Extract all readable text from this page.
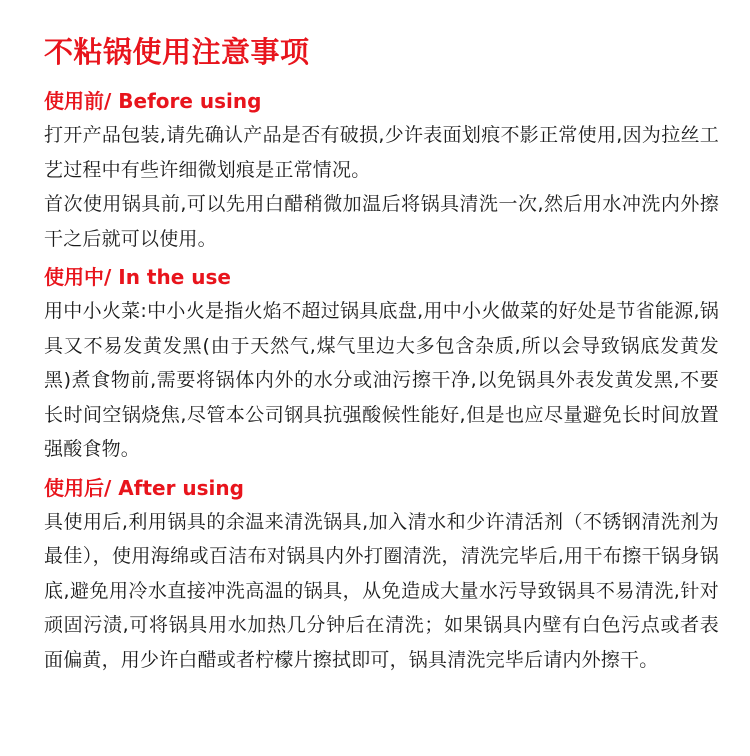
不粘锅使用注意事项
使用前/ Before using

打开产品包装,请先确认产品是否有破损,少许表面划痕不影正常使用,因为拉丝工艺过程中有些许细微划痕是正常情况。

首次使用锅具前,可以先用白醋稍微加温后将锅具清洗一次,然后用水冲洗内外擦干之后就可以使用。

使用中/ In the use

用中小火菜:中小火是指火焰不超过锅具底盘,用中小火做菜的好处是节省能源,锅具又不易发黄发黑(由于天然气,煤气里边大多包含杂质,所以会导致锅底发黄发黑)煮食物前,需要将锅体内外的水分或油污擦干净,以免锅具外表发黄发黑,不要长时间空锅烧焦,尽管本公司钢具抗强酸候性能好,但是也应尽量避免长时间放置强酸食物。

使用后/ After using

具使用后,利用锅具的余温来清洗锅具,加入清水和少许清活剂（不锈钢清洗剂为最佳），使用海绵或百洁布对锅具内外打圈清洗，清洗完毕后,用干布擦干锅身锅底,避免用冷水直接冲洗高温的锅具，从免造成大量水污导致锅具不易清洗,针对顽固污渍,可将锅具用水加热几分钟后在清洗；如果锅具内壁有白色污点或者表面偏黄，用少许白醋或者柠檬片擦拭即可，锅具清洗完毕后请内外擦干。
